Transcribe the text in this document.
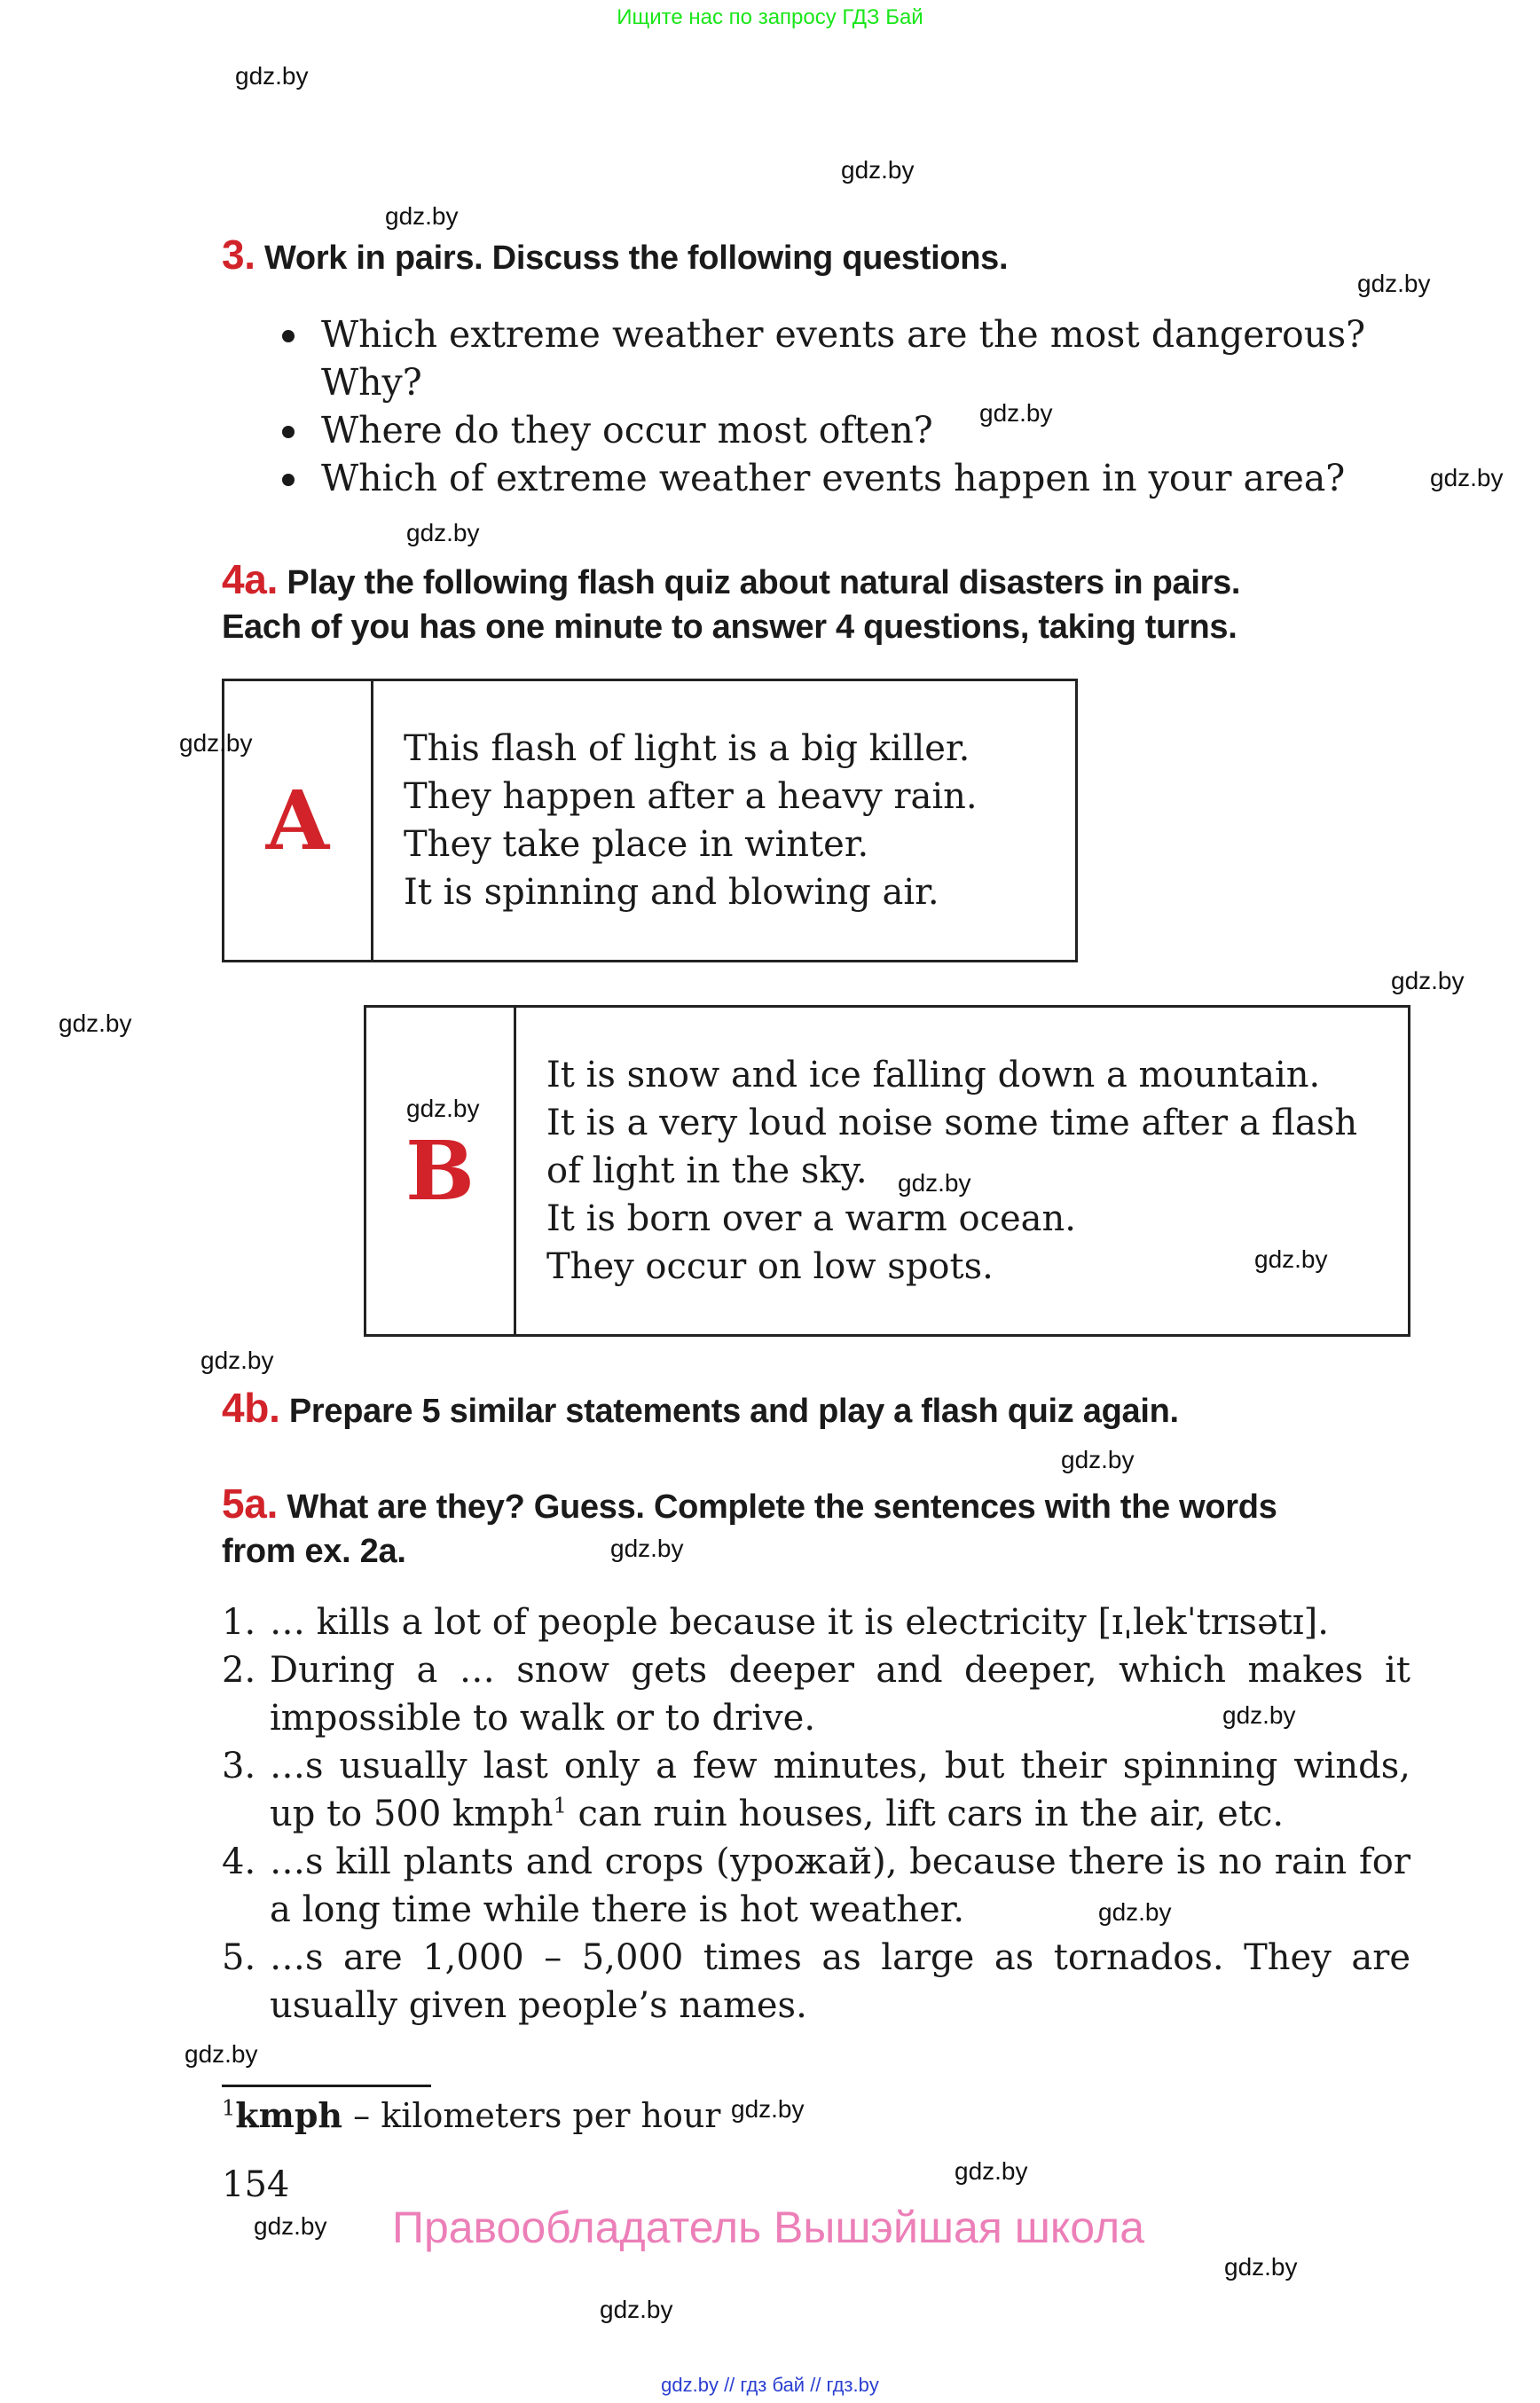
Ищите нас по запросу ГДЗ Бай
gdz.by // гдз бай // гдз.by
3. Work in pairs. Discuss the following questions.

Which extreme weather events are the most dangerous? Why?

Where do they occur most often?

Which of extreme weather events happen in your area?

4a. Play the following flash quiz about natural disasters in pairs.
Each of you has one minute to answer 4 questions, taking turns.
A
This flash of light is a big killer.
They happen after a heavy rain.
They take place in winter.
It is spinning and blowing air.
B
It is snow and ice falling down a mountain.
It is a very loud noise some time after a flash
of light in the sky.
It is born over a warm ocean.
They occur on low spots.
4b. Prepare 5 similar statements and play a flash quiz again.
5a. What are they? Guess. Complete the sentences with the words
from ex. 2a.
1. … kills a lot of people because it is electricity [ɪˌlekˈtrɪsətɪ].
2. During a … snow gets deeper and deeper, which makes it impossible to walk or to drive.
3. …s usually last only a few minutes, but their spinning winds, up to 500 kmph$^1$ can ruin houses, lift cars in the air, etc.
4. …s kill plants and crops (урожай), because there is no rain for a long time while there is hot weather.
5. …s are 1,000 – 5,000 times as large as tornados. They are usually given people’s names.
$^1$kmph – kilometers per hour
154
Правообладатель Вышэйшая школа
gdz.by
gdz.by
gdz.by
gdz.by
gdz.by
gdz.by
gdz.by
gdz.by
gdz.by
gdz.by
gdz.by
gdz.by
gdz.by
gdz.by
gdz.by
gdz.by
gdz.by
gdz.by
gdz.by
gdz.by
gdz.by
gdz.by
gdz.by
gdz.by
